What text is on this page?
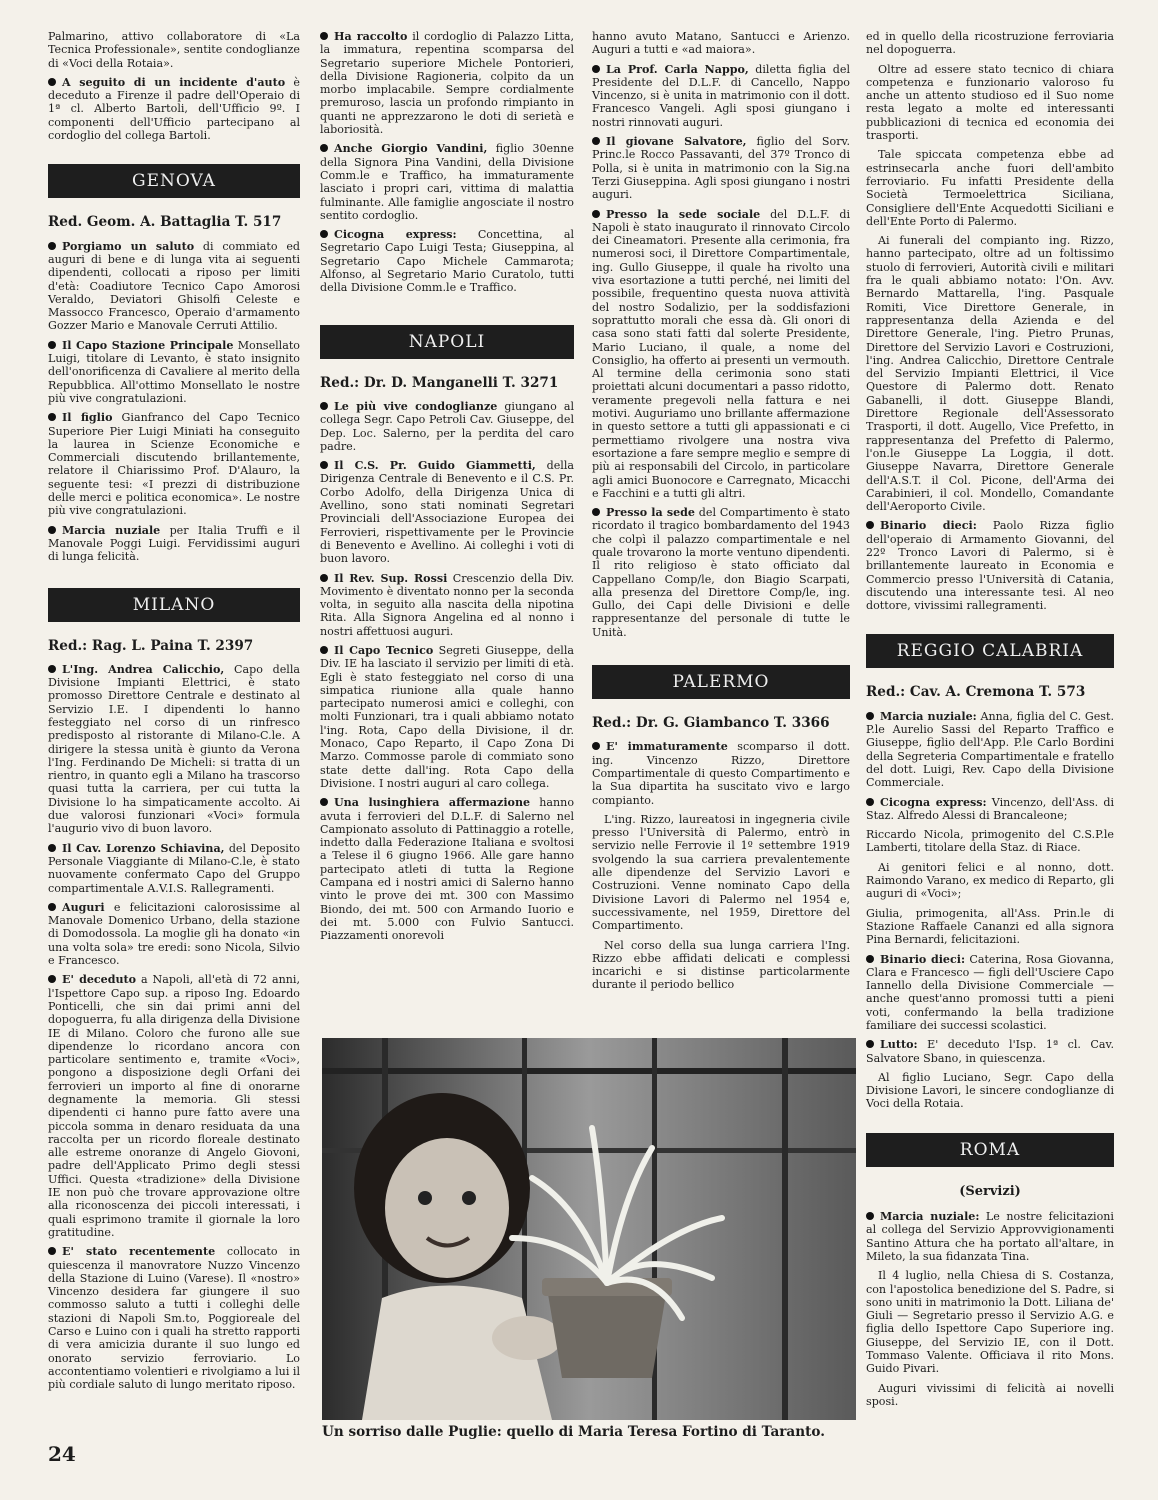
Palmarino, attivo collaboratore di «La Tecnica Professionale», sentite condoglianze di «Voci della Rotaia».

A seguito di un incidente d'auto è deceduto a Firenze il padre dell'Operaio di 1ª cl. Alberto Bartoli, dell'Ufficio 9º. I componenti dell'Ufficio partecipano al cordoglio del collega Bartoli.

GENOVA
Red. Geom. A. Battaglia T. 517

Porgiamo un saluto di commiato ed auguri di bene e di lunga vita ai seguenti dipendenti, collocati a riposo per limiti d'età: Coadiutore Tecnico Capo Amorosi Veraldo, Deviatori Ghisolfi Celeste e Massocco Francesco, Operaio d'armamento Gozzer Mario e Manovale Cerruti Attilio.

Il Capo Stazione Principale Monsellato Luigi, titolare di Levanto, è stato insignito dell'onorificenza di Cavaliere al merito della Repubblica. All'ottimo Monsellato le nostre più vive congratulazioni.

Il figlio Gianfranco del Capo Tecnico Superiore Pier Luigi Miniati ha conseguito la laurea in Scienze Economiche e Commerciali discutendo brillantemente, relatore il Chiarissimo Prof. D'Alauro, la seguente tesi: «I prezzi di distribuzione delle merci e politica economica». Le nostre più vive congratulazioni.

Marcia nuziale per Italia Truffi e il Manovale Poggi Luigi. Fervidissimi auguri di lunga felicità.

MILANO
Red.: Rag. L. Paina T. 2397

L'Ing. Andrea Calicchio, Capo della Divisione Impianti Elettrici, è stato promosso Direttore Centrale e destinato al Servizio I.E. I dipendenti lo hanno festeggiato nel corso di un rinfresco predisposto al ristorante di Milano-C.le. A dirigere la stessa unità è giunto da Verona l'Ing. Ferdinando De Micheli: si tratta di un rientro, in quanto egli a Milano ha trascorso quasi tutta la carriera, per cui tutta la Divisione lo ha simpaticamente accolto. Ai due valorosi funzionari «Voci» formula l'augurio vivo di buon lavoro.

Il Cav. Lorenzo Schiavina, del Deposito Personale Viaggiante di Milano-C.le, è stato nuovamente confermato Capo del Gruppo compartimentale A.V.I.S. Rallegramenti.

Auguri e felicitazioni calorosissime al Manovale Domenico Urbano, della stazione di Domodossola. La moglie gli ha donato «in una volta sola» tre eredi: sono Nicola, Silvio e Francesco.

E' deceduto a Napoli, all'età di 72 anni, l'Ispettore Capo sup. a riposo Ing. Edoardo Ponticelli, che sin dai primi anni del dopoguerra, fu alla dirigenza della Divisione IE di Milano. Coloro che furono alle sue dipendenze lo ricordano ancora con particolare sentimento e, tramite «Voci», pongono a disposizione degli Orfani dei ferrovieri un importo al fine di onorarne degnamente la memoria. Gli stessi dipendenti ci hanno pure fatto avere una piccola somma in denaro residuata da una raccolta per un ricordo floreale destinato alle estreme onoranze di Angelo Giovoni, padre dell'Applicato Primo degli stessi Uffici. Questa «tradizione» della Divisione IE non può che trovare approvazione oltre alla riconoscenza dei piccoli interessati, i quali esprimono tramite il giornale la loro gratitudine.

E' stato recentemente collocato in quiescenza il manovratore Nuzzo Vincenzo della Stazione di Luino (Varese). Il «nostro» Vincenzo desidera far giungere il suo commosso saluto a tutti i colleghi delle stazioni di Napoli Sm.to, Poggioreale del Carso e Luino con i quali ha stretto rapporti di vera amicizia durante il suo lungo ed onorato servizio ferroviario. Lo accontentiamo volentieri e rivolgiamo a lui il più cordiale saluto di lungo meritato riposo.

Ha raccolto il cordoglio di Palazzo Litta, la immatura, repentina scomparsa del Segretario superiore Michele Pontorieri, della Divisione Ragioneria, colpito da un morbo implacabile. Sempre cordialmente premuroso, lascia un profondo rimpianto in quanti ne apprezzarono le doti di serietà e laboriosità.

Anche Giorgio Vandini, figlio 30enne della Signora Pina Vandini, della Divisione Comm.le e Traffico, ha immaturamente lasciato i propri cari, vittima di malattia fulminante. Alle famiglie angosciate il nostro sentito cordoglio.

Cicogna express: Concettina, al Segretario Capo Luigi Testa; Giuseppina, al Segretario Capo Michele Cammarota; Alfonso, al Segretario Mario Curatolo, tutti della Divisione Comm.le e Traffico.

NAPOLI
Red.: Dr. D. Manganelli T. 3271

Le più vive condoglianze giungano al collega Segr. Capo Petroli Cav. Giuseppe, del Dep. Loc. Salerno, per la perdita del caro padre.

Il C.S. Pr. Guido Giammetti, della Dirigenza Centrale di Benevento e il C.S. Pr. Corbo Adolfo, della Dirigenza Unica di Avellino, sono stati nominati Segretari Provinciali dell'Associazione Europea dei Ferrovieri, rispettivamente per le Provincie di Benevento e Avellino. Ai colleghi i voti di buon lavoro.

Il Rev. Sup. Rossi Crescenzio della Div. Movimento è diventato nonno per la seconda volta, in seguito alla nascita della nipotina Rita. Alla Signora Angelina ed al nonno i nostri affettuosi auguri.

Il Capo Tecnico Segreti Giuseppe, della Div. IE ha lasciato il servizio per limiti di età. Egli è stato festeggiato nel corso di una simpatica riunione alla quale hanno partecipato numerosi amici e colleghi, con molti Funzionari, tra i quali abbiamo notato l'ing. Rota, Capo della Divisione, il dr. Monaco, Capo Reparto, il Capo Zona Di Marzo. Commosse parole di commiato sono state dette dall'ing. Rota Capo della Divisione. I nostri auguri al caro collega.

Una lusinghiera affermazione hanno avuta i ferrovieri del D.L.F. di Salerno nel Campionato assoluto di Pattinaggio a rotelle, indetto dalla Federazione Italiana e svoltosi a Telese il 6 giugno 1966. Alle gare hanno partecipato atleti di tutta la Regione Campana ed i nostri amici di Salerno hanno vinto le prove dei mt. 300 con Massimo Biondo, dei mt. 500 con Armando Iuorio e dei mt. 5.000 con Fulvio Santucci. Piazzamenti onorevoli

hanno avuto Matano, Santucci e Arienzo. Auguri a tutti e «ad maiora».

La Prof. Carla Nappo, diletta figlia del Presidente del D.L.F. di Cancello, Nappo Vincenzo, si è unita in matrimonio con il dott. Francesco Vangeli. Agli sposi giungano i nostri rinnovati auguri.

Il giovane Salvatore, figlio del Sorv. Princ.le Rocco Passavanti, del 37º Tronco di Polla, si è unita in matrimonio con la Sig.na Terzi Giuseppina. Agli sposi giungano i nostri auguri.

Presso la sede sociale del D.L.F. di Napoli è stato inaugurato il rinnovato Circolo dei Cineamatori. Presente alla cerimonia, fra numerosi soci, il Direttore Compartimentale, ing. Gullo Giuseppe, il quale ha rivolto una viva esortazione a tutti perché, nei limiti del possibile, frequentino questa nuova attività del nostro Sodalizio, per la soddisfazioni soprattutto morali che essa dà. Gli onori di casa sono stati fatti dal solerte Presidente, Mario Luciano, il quale, a nome del Consiglio, ha offerto ai presenti un vermouth. Al termine della cerimonia sono stati proiettati alcuni documentari a passo ridotto, veramente pregevoli nella fattura e nei motivi. Auguriamo uno brillante affermazione in questo settore a tutti gli appassionati e ci permettiamo rivolgere una nostra viva esortazione a fare sempre meglio e sempre di più ai responsabili del Circolo, in particolare agli amici Buonocore e Carregnato, Micacchi e Facchini e a tutti gli altri.

Presso la sede del Compartimento è stato ricordato il tragico bombardamento del 1943 che colpì il palazzo compartimentale e nel quale trovarono la morte ventuno dipendenti. Il rito religioso è stato officiato dal Cappellano Comp/le, don Biagio Scarpati, alla presenza del Direttore Comp/le, ing. Gullo, dei Capi delle Divisioni e delle rappresentanze del personale di tutte le Unità.

PALERMO
Red.: Dr. G. Giambanco T. 3366

E' immaturamente scomparso il dott. ing. Vincenzo Rizzo, Direttore Compartimentale di questo Compartimento e la Sua dipartita ha suscitato vivo e largo compianto.

L'ing. Rizzo, laureatosi in ingegneria civile presso l'Università di Palermo, entrò in servizio nelle Ferrovie il 1º settembre 1919 svolgendo la sua carriera prevalentemente alle dipendenze del Servizio Lavori e Costruzioni. Venne nominato Capo della Divisione Lavori di Palermo nel 1954 e, successivamente, nel 1959, Direttore del Compartimento.

Nel corso della sua lunga carriera l'Ing. Rizzo ebbe affidati delicati e complessi incarichi e si distinse particolarmente durante il periodo bellico

ed in quello della ricostruzione ferroviaria nel dopoguerra.

Oltre ad essere stato tecnico di chiara competenza e funzionario valoroso fu anche un attento studioso ed il Suo nome resta legato a molte ed interessanti pubblicazioni di tecnica ed economia dei trasporti.

Tale spiccata competenza ebbe ad estrinsecarla anche fuori dell'ambito ferroviario. Fu infatti Presidente della Società Termoelettrica Siciliana, Consigliere dell'Ente Acquedotti Siciliani e dell'Ente Porto di Palermo.

Ai funerali del compianto ing. Rizzo, hanno partecipato, oltre ad un foltissimo stuolo di ferrovieri, Autorità civili e militari fra le quali abbiamo notato: l'On. Avv. Bernardo Mattarella, l'ing. Pasquale Romiti, Vice Direttore Generale, in rappresentanza della Azienda e del Direttore Generale, l'ing. Pietro Prunas, Direttore del Servizio Lavori e Costruzioni, l'ing. Andrea Calicchio, Direttore Centrale del Servizio Impianti Elettrici, il Vice Questore di Palermo dott. Renato Gabanelli, il dott. Giuseppe Blandi, Direttore Regionale dell'Assessorato Trasporti, il dott. Augello, Vice Prefetto, in rappresentanza del Prefetto di Palermo, l'on.le Giuseppe La Loggia, il dott. Giuseppe Navarra, Direttore Generale dell'A.S.T. il Col. Picone, dell'Arma dei Carabinieri, il col. Mondello, Comandante dell'Aeroporto Civile.

Binario dieci: Paolo Rizza figlio dell'operaio di Armamento Giovanni, del 22º Tronco Lavori di Palermo, si è brillantemente laureato in Economia e Commercio presso l'Università di Catania, discutendo una interessante tesi. Al neo dottore, vivissimi rallegramenti.

REGGIO CALABRIA
Red.: Cav. A. Cremona T. 573

Marcia nuziale: Anna, figlia del C. Gest. P.le Aurelio Sassi del Reparto Traffico e Giuseppe, figlio dell'App. P.le Carlo Bordini della Segreteria Compartimentale e fratello del dott. Luigi, Rev. Capo della Divisione Commerciale.

Cicogna express: Vincenzo, dell'Ass. di Staz. Alfredo Alessi di Brancaleone;

Riccardo Nicola, primogenito del C.S.P.le Lamberti, titolare della Staz. di Riace.

Ai genitori felici e al nonno, dott. Raimondo Varano, ex medico di Reparto, gli auguri di «Voci»;

Giulia, primogenita, all'Ass. Prin.le di Stazione Raffaele Cananzi ed alla signora Pina Bernardi, felicitazioni.

Binario dieci: Caterina, Rosa Giovanna, Clara e Francesco — figli dell'Usciere Capo Iannello della Divisione Commerciale — anche quest'anno promossi tutti a pieni voti, confermando la bella tradizione familiare dei successi scolastici.

Lutto: E' deceduto l'Isp. 1ª cl. Cav. Salvatore Sbano, in quiescenza.

Al figlio Luciano, Segr. Capo della Divisione Lavori, le sincere condoglianze di Voci della Rotaia.

ROMA
(Servizi)

Marcia nuziale: Le nostre felicitazioni al collega del Servizio Approvvigionamenti Santino Attura che ha portato all'altare, in Mileto, la sua fidanzata Tina.

Il 4 luglio, nella Chiesa di S. Costanza, con l'apostolica benedizione del S. Padre, si sono uniti in matrimonio la Dott. Liliana de' Giuli — Segretario presso il Servizio A.G. e figlia dello Ispettore Capo Superiore ing. Giuseppe, del Servizio IE, con il Dott. Tommaso Valente. Officiava il rito Mons. Guido Pivari.

Auguri vivissimi di felicità ai novelli sposi.

Un sorriso dalle Puglie: quello di Maria Teresa Fortino di Taranto.
24
